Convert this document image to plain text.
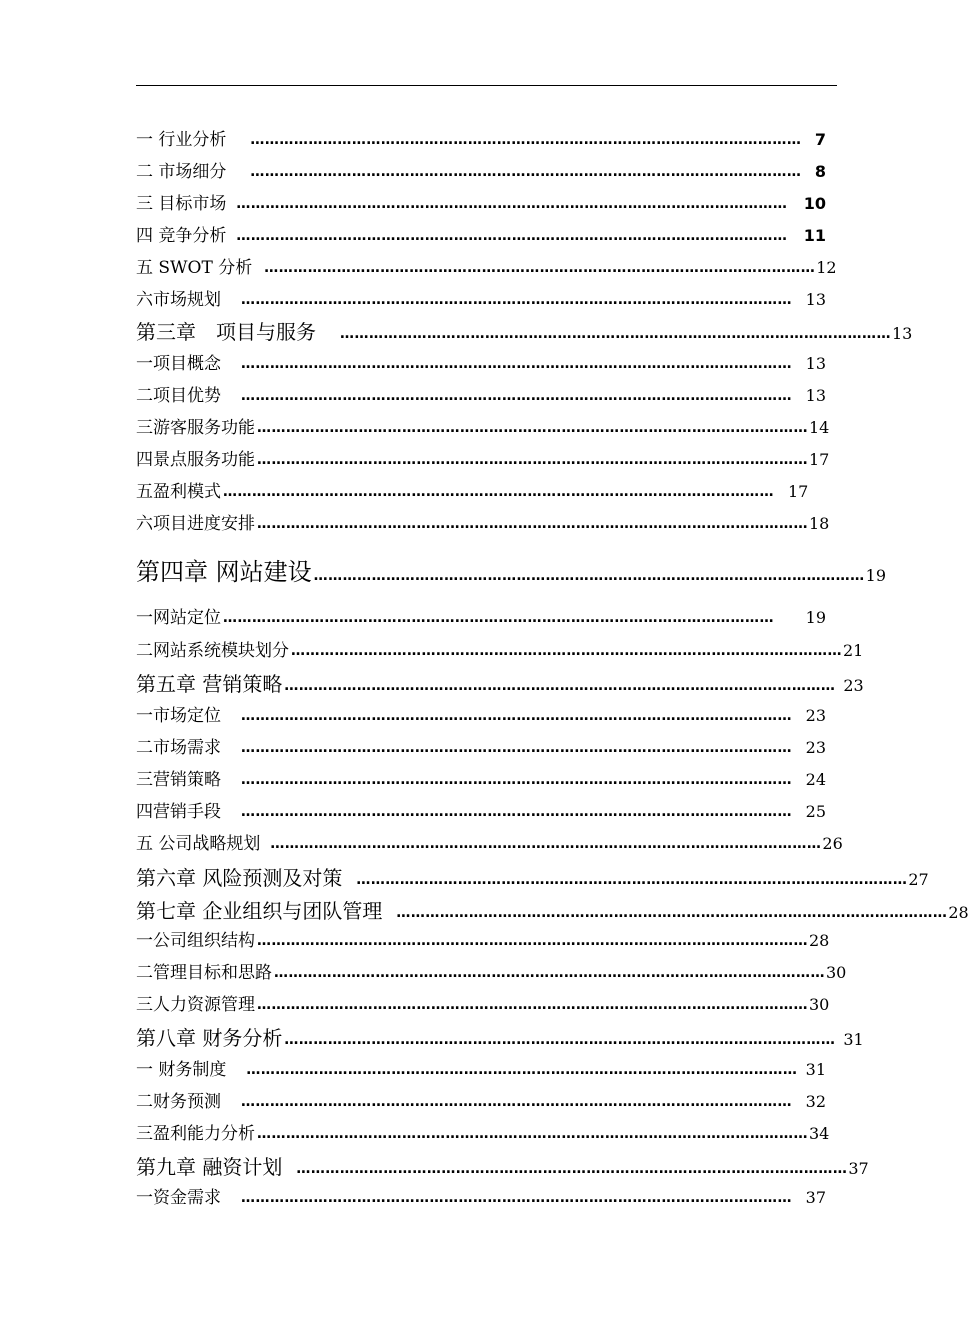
一 行业分析 …………………………………………………………………………………………………… 7
二 市场细分 …………………………………………………………………………………………………… 8
三 目标市场 ……………………………………………………………………………………………………	10
四 竞争分析 ……………………………………………………………………………………………………	11
五 SWOT 分析 …………………………………………………………………………………………………… 12
六市场规划 …………………………………………………………………………………………………… 13
第三章　项目与服务 …………………………………………………………………………………………………… 13
一项目概念 …………………………………………………………………………………………………… 13
二项目优势 …………………………………………………………………………………………………… 13
三游客服务功能 …………………………………………………………………………………………………… 14
四景点服务功能 …………………………………………………………………………………………………… 17
五盈利模式 …………………………………………………………………………………………………… 17
六项目进度安排 …………………………………………………………………………………………………… 18
第四章 网站建设 …………………………………………………………………………………………………… 19
一网站定位 ……………………………………………………………………………………………………	19
二网站系统模块划分 …………………………………………………………………………………………………… 21
第五章 营销策略 …………………………………………………………………………………………………… 23
一市场定位 …………………………………………………………………………………………………… 23
二市场需求 …………………………………………………………………………………………………… 23
三营销策略 …………………………………………………………………………………………………… 24
四营销手段 …………………………………………………………………………………………………… 25
五 公司战略规划 …………………………………………………………………………………………………… 26
第六章 风险预测及对策 …………………………………………………………………………………………………… 27
第七章 企业组织与团队管理 …………………………………………………………………………………………………… 28
一公司组织结构 …………………………………………………………………………………………………… 28
二管理目标和思路 …………………………………………………………………………………………………… 30
三人力资源管理 …………………………………………………………………………………………………… 30
第八章 财务分析 …………………………………………………………………………………………………… 31
一 财务制度 …………………………………………………………………………………………………… 31
二财务预测 …………………………………………………………………………………………………… 32
三盈利能力分析 …………………………………………………………………………………………………… 34
第九章 融资计划 …………………………………………………………………………………………………… 37
一资金需求 …………………………………………………………………………………………………… 37
